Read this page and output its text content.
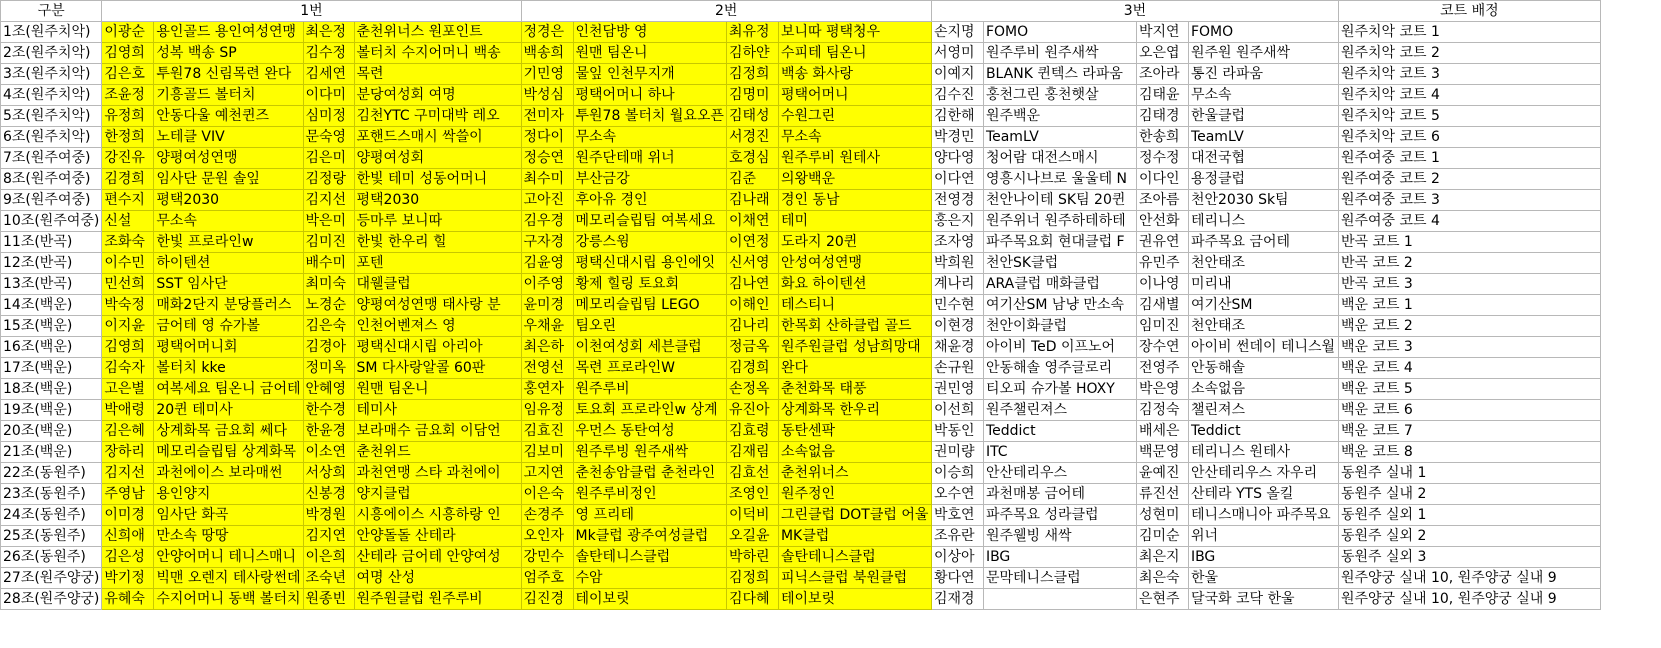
구분	1번				2번				3번				코트 배정
1조(원주치악)	이광순	용인골드 용인여성연맹	최은정	춘천위너스 원포인트	정경은	인천담방 영	최유정	보니따 평택청우	손지명	FOMO	박지연	FOMO	원주치악 코트 1
2조(원주치악)	김영희	성복 백송 SP	김수정	볼터치 수지어머니 백송	백송희	원맨 팀온니	김하얀	수피테 팀온니	서영미	원주루비 원주새싹	오은엽	원주원 원주새싹	원주치악 코트 2
3조(원주치악)	김은호	투원78 신림목련 완다	김세연	목련	기민영	물잎 인천무지개	김정희	백송 화사랑	이예지	BLANK 퀸텍스 라파움	조아라	통진 라파움	원주치악 코트 3
4조(원주치악)	조윤정	기흥골드 볼터치	이다미	분당여성회 여명	박성심	평택어머니 하나	김명미	평택어머니	김수진	홍천그린 홍천햇살	김태윤	무소속	원주치악 코트 4
5조(원주치악)	유정희	안동다울 예천퀸즈	심미정	김천YTC 구미대박 레오	전미자	투원78 볼터치 월요오픈	김태성	수원그린	김한해	원주백운	김태경	한울클럽	원주치악 코트 5
6조(원주치악)	한정희	노테클 VIV	문숙영	포핸드스매시 싹쓸이	정다이	무소속	서경진	무소속	박경민	TeamLV	한송희	TeamLV	원주치악 코트 6
7조(원주여중)	강진유	양평여성연맹	김은미	양평여성회	정승연	원주단테매 위너	호경심	원주루비 원테사	양다영	청어람 대전스매시	정수정	대전국협	원주여중 코트 1
8조(원주여중)	김경희	임사단 문원 솔잎	김정랑	한빛 테미 성동어머니	최수미	부산금강	김준	의왕백운	이다연	영흥시나브로 울울테 N	이다인	용정클럽	원주여중 코트 2
9조(원주여중)	편수지	평택2030	김지선	평택2030	고아진	후아유 경인	김나래	경인 동남	전영경	천안나이테 SK팀 20퀸	조아름	천안2030 Sk팀	원주여중 코트 3
10조(원주여중)	신설	무소속	박은미	등마루 보니따	김우경	메모리슬립팀 여복세요	이채연	테미	홍은지	원주위너 원주하테하테	안선화	테리니스	원주여중 코트 4
11조(반곡)	조화숙	한빛 프로라인w	김미진	한빛 한우리 힐	구자경	강릉스윙	이연정	도라지 20퀸	조자영	파주목요회 현대클럽 F	권유연	파주목요 금어테	반곡 코트 1
12조(반곡)	이수민	하이텐션	배수미	포텐	김윤영	평택신대시립 용인에잇	신서영	안성여성연맹	박희원	천안SK클럽	유민주	천안태조	반곡 코트 2
13조(반곡)	민선희	SST 임사단	최미숙	대웰클럽	이주영	황제 힐링 토요회	김나연	화요 하이텐션	계나리	ARA클럽 매화클럽	이나영	미리내	반곡 코트 3
14조(백운)	박숙정	매화2단지 분당플러스	노경순	양평여성연맹 태사랑 분	윤미경	메모리슬립팀 LEGO	이해인	테스티니	민수현	여기산SM 남냥 만소속	김새별	여기산SM	백운 코트 1
15조(백운)	이지윤	금어테 영 슈가볼	김은숙	인천어벤져스 영	우채윤	팀오린	김나리	한목회 산하클럽 골드	이현경	천안이화클럽	임미진	천안태조	백운 코트 2
16조(백운)	김영희	평택어머니회	김경아	평택신대시립 아리아	최은하	이천여성회 세븐클럽	정금옥	원주원클럽 성남희망대	채윤경	아이비 TeD 이프노어	장수연	아이비 썬데이 테니스월	백운 코트 3
17조(백운)	김숙자	볼터치 kke	정미옥	SM 다사랑알콜 60판	전영선	목련 프로라인W	김경희	완다	손규원	안동해솔 영주글로리	전영주	안동해솔	백운 코트 4
18조(백운)	고은별	여복세요 팀온니 금어테	안혜영	원맨 팀온니	홍연자	원주루비	손정옥	춘천화목 태풍	권민영	티오피 슈가볼 HOXY	박은영	소속없음	백운 코트 5
19조(백운)	박애령	20퀸 테미사	한수경	테미사	임유정	토요회 프로라인w 상계	유진아	상계화목 한우리	이선희	원주챌린져스	김정숙	챌린져스	백운 코트 6
20조(백운)	김은혜	상계화목 금요회 쎄다	한윤경	보라매수 금요회 이담언	김효진	우먼스 동탄여성	김효령	동탄센팍	박동인	Teddict	배세은	Teddict	백운 코트 7
21조(백운)	장하리	메모리슬립팀 상계화목	이소연	춘천위드	김보미	원주루빙 원주새싹	김재림	소속없음	권미량	ITC	백문영	테리니스 원테사	백운 코트 8
22조(동원주)	김지선	과천에이스 보라매썬	서상희	과천연맹 스타 과천에이	고지연	춘천송암클럽 춘천라인	김효선	춘천위너스	이승희	안산테리우스	윤예진	안산테리우스 자우리	동원주 실내 1
23조(동원주)	주영남	용인양지	신봉경	양지클럽	이은숙	원주루비정인	조영인	원주정인	오수연	과천매봉 금어테	류진선	산테라 YTS 올킬	동원주 실내 2
24조(동원주)	이미경	임사단 화곡	박경원	시흥에이스 시흥하랑 인	손경주	영 프리테	이덕비	그린클럽 DOT클럽 어울	박호연	파주목요 성라클럽	성현미	테니스매니아 파주목요	동원주 실외 1
25조(동원주)	신희애	만소속 땅땅	김지연	안양돌돌 산테라	오인자	Mk클럽 광주여성클럽	오길윤	MK클럽	조유란	원주웰빙 새싹	김미순	위너	동원주 실외 2
26조(동원주)	김은성	안양어머니 테니스매니	이은희	산테라 금어테 안양여성	강민수	솔탄테니스클럽	박하린	솔탄테니스클럽	이상아	IBG	최은지	IBG	동원주 실외 3
27조(원주양궁)	박기정	빅맨 오렌지 테사랑썬데	조숙년	여명 산성	엄주호	수암	김정희	피닉스클럽 북원클럽	황다연	문막테니스클럽	최은숙	한울	원주양궁 실내 10, 원주양궁 실내 9
28조(원주양궁)	유혜숙	수지어머니 동백 볼터치	원종빈	원주원클럽 원주루비	김진경	테이보릿	김다혜	테이보릿	김재경		은현주	달국화 코닥 한울	원주양궁 실내 10, 원주양궁 실내 9
